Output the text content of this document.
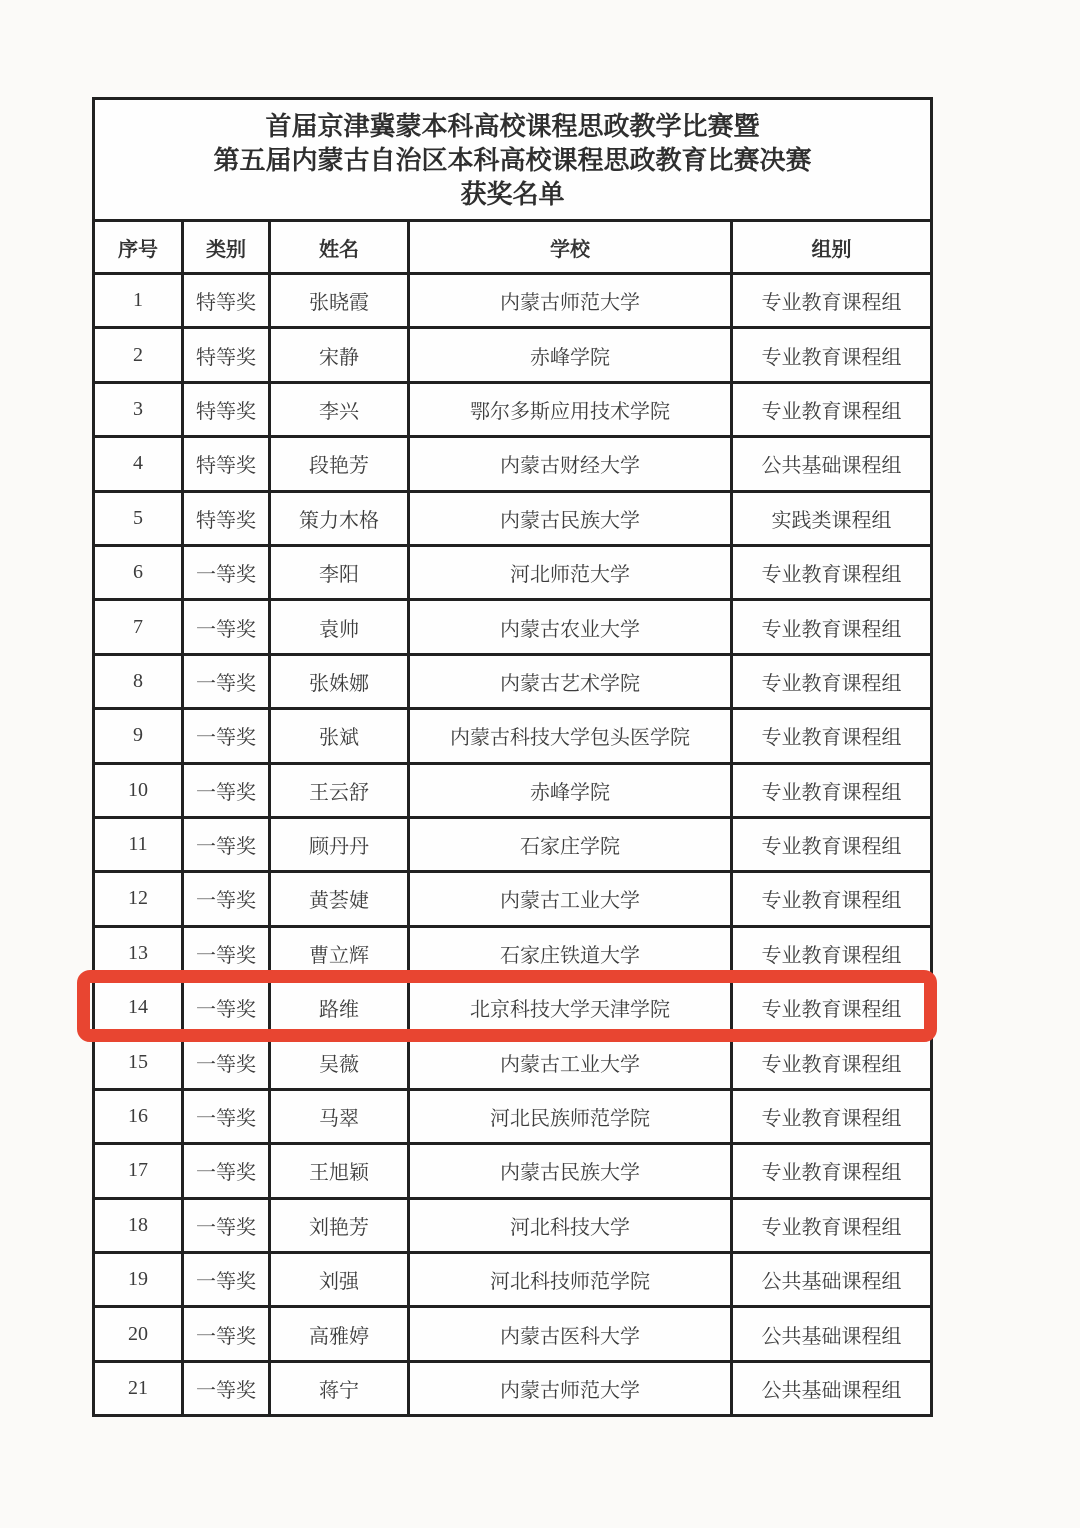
首届京津冀蒙本科高校课程思政教学比赛暨
第五届内蒙古自治区本科高校课程思政教育比赛决赛
获奖名单
序号	类别	姓名	学校	组别
1	特等奖	张晓霞	内蒙古师范大学	专业教育课程组
2	特等奖	宋静	赤峰学院	专业教育课程组
3	特等奖	李兴	鄂尔多斯应用技术学院	专业教育课程组
4	特等奖	段艳芳	内蒙古财经大学	公共基础课程组
5	特等奖	策力木格	内蒙古民族大学	实践类课程组
6	一等奖	李阳	河北师范大学	专业教育课程组
7	一等奖	袁帅	内蒙古农业大学	专业教育课程组
8	一等奖	张姝娜	内蒙古艺术学院	专业教育课程组
9	一等奖	张斌	内蒙古科技大学包头医学院	专业教育课程组
10	一等奖	王云舒	赤峰学院	专业教育课程组
11	一等奖	顾丹丹	石家庄学院	专业教育课程组
12	一等奖	黄荟婕	内蒙古工业大学	专业教育课程组
13	一等奖	曹立辉	石家庄铁道大学	专业教育课程组
14	一等奖	路维	北京科技大学天津学院	专业教育课程组
15	一等奖	吴薇	内蒙古工业大学	专业教育课程组
16	一等奖	马翠	河北民族师范学院	专业教育课程组
17	一等奖	王旭颖	内蒙古民族大学	专业教育课程组
18	一等奖	刘艳芳	河北科技大学	专业教育课程组
19	一等奖	刘强	河北科技师范学院	公共基础课程组
20	一等奖	高雅婷	内蒙古医科大学	公共基础课程组
21	一等奖	蒋宁	内蒙古师范大学	公共基础课程组
